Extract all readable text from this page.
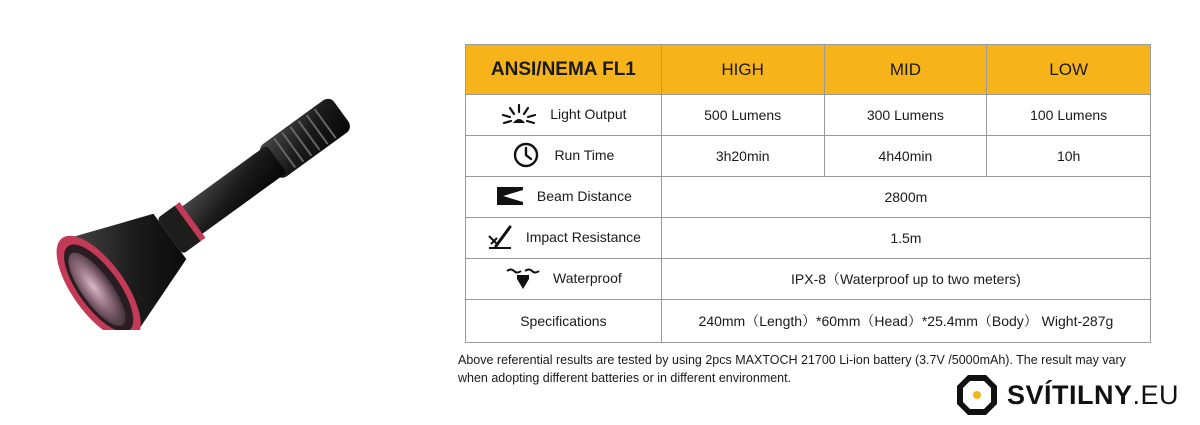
ANSI/NEMA FL1	HIGH	MID	LOW

Light Output	500 Lumens	300 Lumens	100 Lumens

Run Time	3h20min	4h40min	10h

Beam Distance	2800m		

Impact Resistance	1.5m		

Waterproof	IPX-8（Waterproof up to two meters)		
Specifications	240mm（Length）*60mm（Head）*25.4mm（Body） Wight-287g		
Above referential results are tested by using 2pcs MAXTOCH 21700 Li-ion battery (3.7V /5000mAh). The result may vary
when adopting different batteries or in different environment.
SVÍTILNY.EU
